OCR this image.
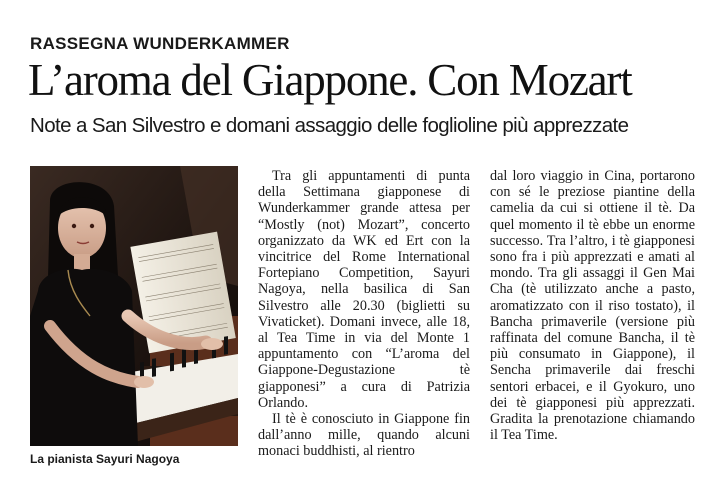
RASSEGNA WUNDERKAMMER
L’aroma del Giappone. Con Mozart
Note a San Silvestro e domani assaggio delle foglioline più apprezzate
La pianista Sayuri Nagoya

Tra gli appuntamenti di punta della Settimana giapponese di Wunderkammer grande attesa per “Mostly (not) Mozart”, concerto organizzato da WK ed Ert con la vincitrice del Rome International Fortepiano Competition, Sayuri Nagoya, nella basilica di San Silvestro alle 20.30 (biglietti su Vivaticket). Domani invece, alle 18, al Tea Time in via del Monte 1 appuntamento con “L’aroma del Giappone-Degustazione tè giapponesi” a cura di Patrizia Orlando.

Il tè è conosciuto in Giappone fin dall’anno mille, quando alcuni monaci buddhisti, al rientro

dal loro viaggio in Cina, portarono con sé le preziose piantine della camelia da cui si ottiene il tè. Da quel momento il tè ebbe un enorme successo. Tra l’altro, i tè giapponesi sono fra i più apprezzati e amati al mondo. Tra gli assaggi il Gen Mai Cha (tè utilizzato anche a pasto, aromatizzato con il riso tostato), il Bancha primaverile (versione più raffinata del comune Bancha, il tè più consumato in Giappone), il Sencha primaverile dai freschi sentori erbacei, e il Gyokuro, uno dei tè giapponesi più apprezzati. Gradita la prenotazione chiamando il Tea Time.
